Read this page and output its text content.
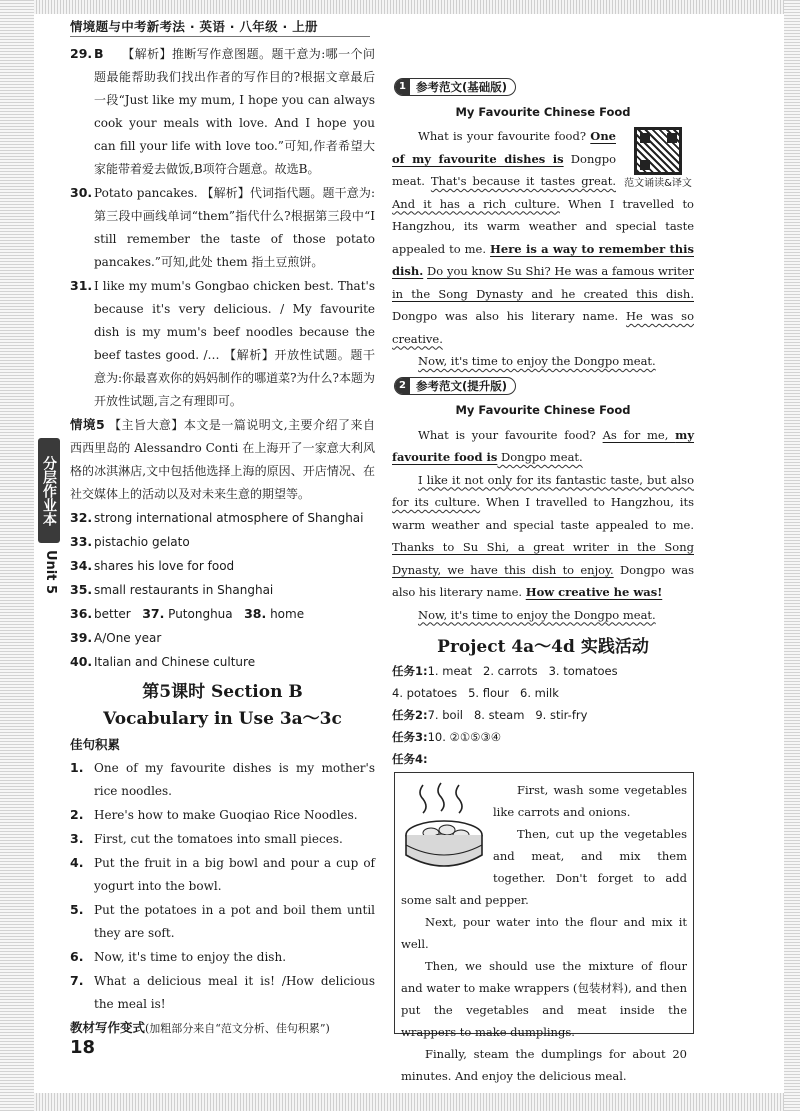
情境题与中考新考法 · 英语 · 八年级 · 上册
分层作业本
Unit 5
29. B 【解析】推断写作意图题。题干意为:哪一个问题最能帮助我们找出作者的写作目的?根据文章最后一段“Just like my mum, I hope you can always cook your meals with love. And I hope you can fill your life with love too.”可知,作者希望大家能带着爱去做饭,B项符合题意。故选B。
30. Potato pancakes. 【解析】代词指代题。题干意为:第三段中画线单词“them”指代什么?根据第三段中“I still remember the taste of those potato pancakes.”可知,此处 them 指土豆煎饼。
31. I like my mum's Gongbao chicken best. That's because it's very delicious. / My favourite dish is my mum's beef noodles because the beef tastes good. /… 【解析】开放性试题。题干意为:你最喜欢你的妈妈制作的哪道菜?为什么?本题为开放性试题,言之有理即可。
情境5 【主旨大意】本文是一篇说明文,主要介绍了来自西西里岛的 Alessandro Conti 在上海开了一家意大利风格的冰淇淋店,文中包括他选择上海的原因、开店情况、在社交媒体上的活动以及对未来生意的期望等。
32. strong international atmosphere of Shanghai
33. pistachio gelato
34. shares his love for food
35. small restaurants in Shanghai
36. better 37. Putonghua 38. home
39. A/One year
40. Italian and Chinese culture
第5课时 Section B
Vocabulary in Use 3a～3c
佳句积累
1. One of my favourite dishes is my mother's rice noodles.
2. Here's how to make Guoqiao Rice Noodles.
3. First, cut the tomatoes into small pieces.
4. Put the fruit in a big bowl and pour a cup of yogurt into the bowl.
5. Put the potatoes in a pot and boil them until they are soft.
6. Now, it's time to enjoy the dish.
7. What a delicious meal it is! /How delicious the meal is!
教材写作变式(加粗部分来自“范文分析、佳句积累”)
18
1 参考范文(基础版)
My Favourite Chinese Food
范文诵读&译文

What is your favourite food? One of my favourite dishes is Dongpo meat. That's because it tastes great. And it has a rich culture. When I travelled to Hangzhou, its warm weather and special taste appealed to me. Here is a way to remember this dish. Do you know Su Shi? He was a famous writer in the Song Dynasty and he created this dish. Dongpo was also his literary name. He was so creative.

Now, it's time to enjoy the Dongpo meat.

2 参考范文(提升版)
My Favourite Chinese Food

What is your favourite food? As for me, my favourite food is Dongpo meat.

I like it not only for its fantastic taste, but also for its culture. When I travelled to Hangzhou, its warm weather and special taste appealed to me. Thanks to Su Shi, a great writer in the Song Dynasty, we have this dish to enjoy. Dongpo was also his literary name. How creative he was!

Now, it's time to enjoy the Dongpo meat.

Project 4a～4d 实践活动
任务1:1. meat 2. carrots 3. tomatoes
4. potatoes 5. flour 6. milk
任务2:7. boil 8. steam 9. stir-fry
任务3:10. ②①⑤③④
任务4:

First, wash some vegetables like carrots and onions.

Then, cut up the vegetables and meat, and mix them together. Don't forget to add some salt and pepper.

Next, pour water into the flour and mix it well.

Then, we should use the mixture of flour and water to make wrappers (包装材料), and then put the vegetables and meat inside the wrappers to make dumplings.

Finally, steam the dumplings for about 20 minutes. And enjoy the delicious meal.
